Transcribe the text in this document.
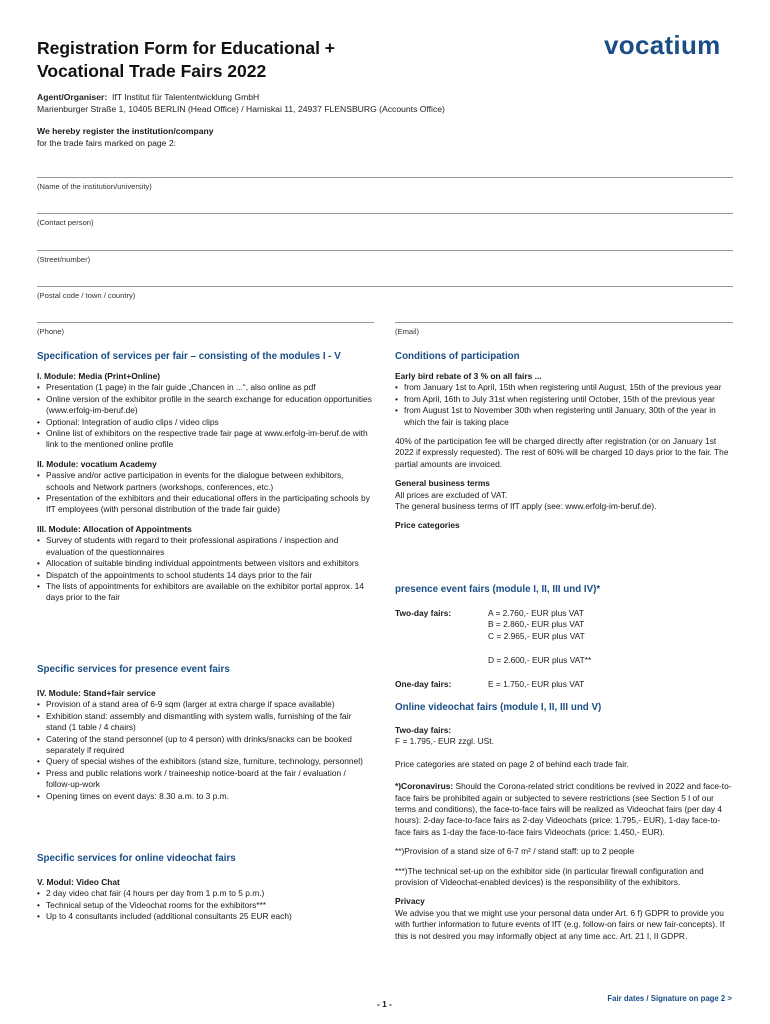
Registration Form for Educational +
Vocational Trade Fairs 2022
vocatium
Agent/Organiser: IfT Institut für Talententwicklung GmbH
Marienburger Straße 1, 10405 BERLIN (Head Office) / Harniskai 11, 24937 FLENSBURG (Accounts Office)
We hereby register the institution/company
for the trade fairs marked on page 2:
(Name of the institution/university)
(Contact person)
(Street/number)
(Postal code / town / country)
(Phone)	(Email)
Specification of services per fair – consisting of the modules I - V
I. Module: Media (Print+Online)
• Presentation (1 page) in the fair guide „Chancen in ...“, also online as pdf
• Online version of the exhibitor profile in the search exchange for education opportunities (www.erfolg-im-beruf.de)
• Optional: Integration of audio clips / video clips
• Online list of exhibitors on the respective trade fair page at www.erfolg-im-beruf.de with link to the mentioned online profile
II. Module: vocatium Academy
• Passive and/or active participation in events for the dialogue between exhibitors, schools and Network partners (workshops, conferences, etc.)
• Presentation of the exhibitors and their educational offers in the participating schools by IfT employees (with personal distribution of the trade fair guide)
III. Module: Allocation of Appointments
• Survey of students with regard to their professional aspirations / inspection and evaluation of the questionnaires
• Allocation of suitable binding individual appointments between visitors and exhibitors
• Dispatch of the appointments to school students 14 days prior to the fair
• The lists of appointments for exhibitors are available on the exhibitor portal approx. 14 days prior to the fair
Specific services for presence event fairs
IV. Module: Stand+fair service
• Provision of a stand area of 6-9 sqm (larger at extra charge if space available)
• Exhibition stand: assembly and dismantling with system walls, furnishing of the fair stand (1 table / 4 chairs)
• Catering of the stand personnel (up to 4 person) with drinks/snacks can be booked separately if required
• Query of special wishes of the exhibitors (stand size, furniture, technology, personnel)
• Press and public relations work / traineeship notice-board at the fair / evaluation / follow-up-work
• Opening times on event days: 8.30 a.m. to 3 p.m.
Specific services for online videochat fairs
V. Modul: Video Chat
• 2 day video chat fair (4 hours per day from 1 p.m to 5 p.m.)
• Technical setup of the Videochat rooms for the exhibitors***
• Up to 4 consultants included (additional consultants 25 EUR each)
Conditions of participation
Early bird rebate of 3 % on all fairs ...
• from January 1st to April, 15th when registering until August, 15th of the previous year
• from April, 16th to July 31st when registering until October, 15th of the previous year
• from August 1st to November 30th when registering until January, 30th of the year in which the fair is taking place
40% of the participation fee will be charged directly after registration (or on January 1st 2022 if expressly requested). The rest of 60% will be charged 10 days prior to the fair. The partial amounts are invoiced.
General business terms
All prices are excluded of VAT.
The general business terms of IfT apply (see: www.erfolg-im-beruf.de).
Price categories
presence event fairs (module I, II, III und IV)*
Two-day fairs:	A = 2.760,- EUR plus VAT
B = 2.860,- EUR plus VAT
C = 2.965,- EUR plus VAT
D = 2.600,- EUR plus VAT**
One-day fairs:	E = 1.750,- EUR plus VAT
Online videochat fairs (module I, II, III und V)
Two-day fairs:
F = 1.795,- EUR zzgl. USt.
Price categories are stated on page 2 of behind each trade fair.
*)Coronavirus: Should the Corona-related strict conditions be revived in 2022 and face-to-face fairs be prohibited again or subjected to severe restrictions (see Section 5 l of our terms and conditions), the face-to-face fairs will be realized as Videochat fairs (per day 4 hours): 2-day face-to-face fairs as 2-day Videochats (price: 1.795,- EUR), 1-day face-to-face fairs as 1-day the face-to-face fairs Videochats (price: 1.450,- EUR).
**)Provision of a stand size of 6-7 m² / stand staff: up to 2 people
***)The technical set-up on the exhibitor side (in particular firewall configuration and provision of Videochat-enabled devices) is the responsibility of the exhibitors.
Privacy
We advise you that we might use your personal data under Art. 6 f) GDPR to provide you with further information to future events of IfT (e.g. follow-on fairs or new fair-concepts). If this is not desired you may informally object at any time acc. Art. 21 I, II GDPR.
- 1 -
Fair dates / Signature on page 2 >
